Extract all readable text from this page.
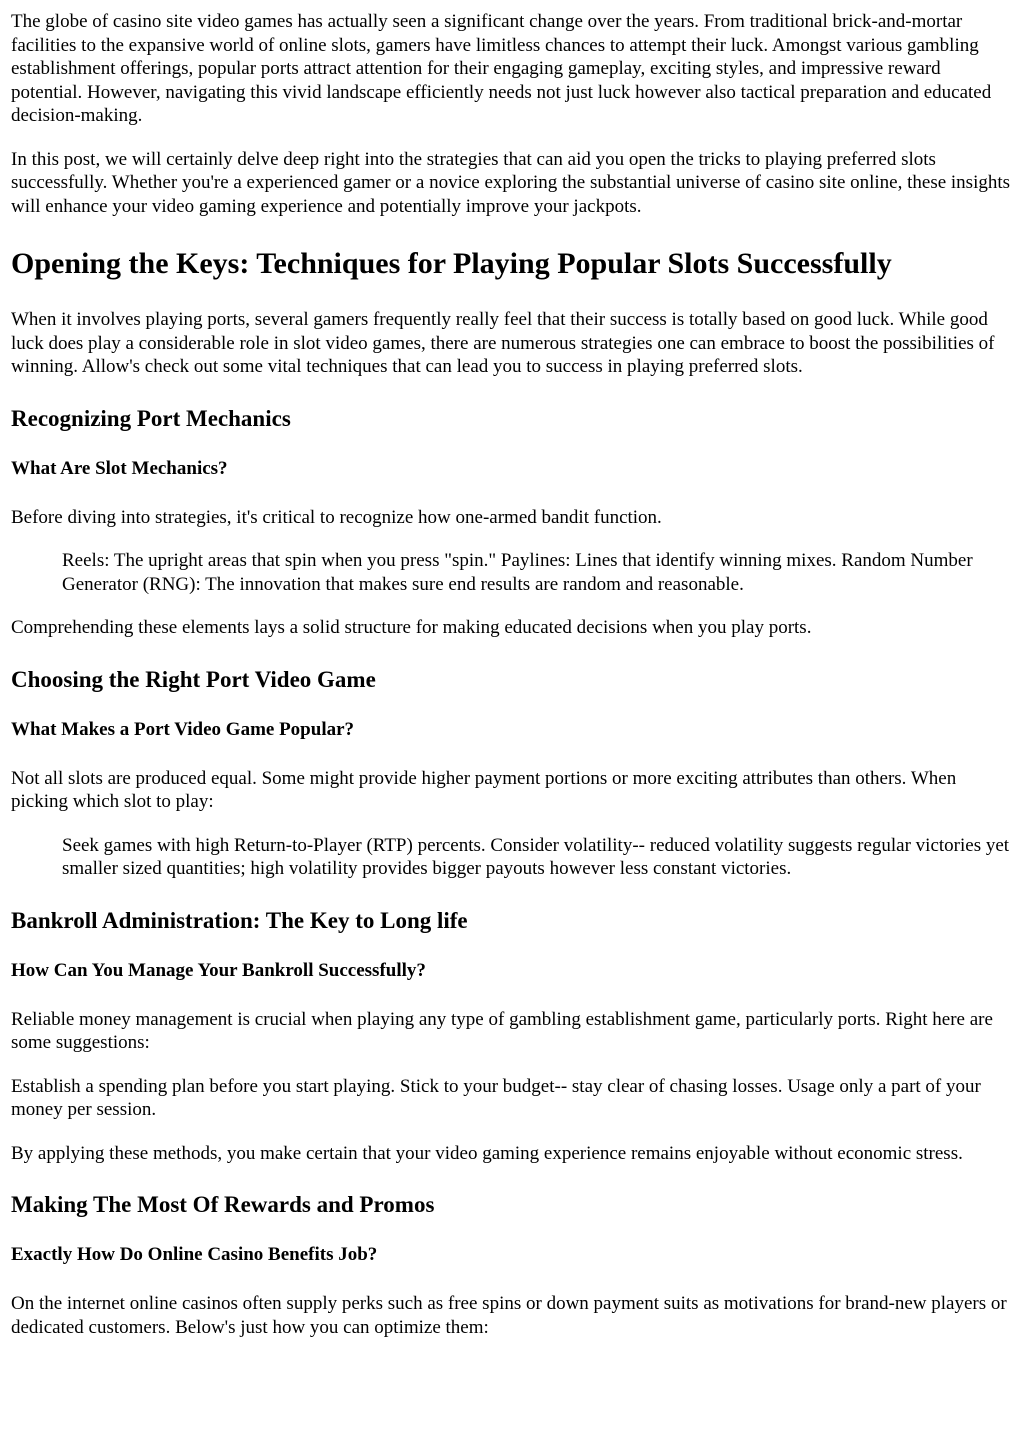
The globe of casino site video games has actually seen a significant change over the years. From traditional brick-and-mortar facilities to the expansive world of online slots, gamers have limitless chances to attempt their luck. Amongst various gambling establishment offerings, popular ports attract attention for their engaging gameplay, exciting styles, and impressive reward potential. However, navigating this vivid landscape efficiently needs not just luck however also tactical preparation and educated decision-making.

In this post, we will certainly delve deep right into the strategies that can aid you open the tricks to playing preferred slots successfully. Whether you're a experienced gamer or a novice exploring the substantial universe of casino site online, these insights will enhance your video gaming experience and potentially improve your jackpots.

Opening the Keys: Techniques for Playing Popular Slots Successfully

When it involves playing ports, several gamers frequently really feel that their success is totally based on good luck. While good luck does play a considerable role in slot video games, there are numerous strategies one can embrace to boost the possibilities of winning. Allow's check out some vital techniques that can lead you to success in playing preferred slots.

Recognizing Port Mechanics
What Are Slot Mechanics?

Before diving into strategies, it's critical to recognize how one-armed bandit function.

Reels: The upright areas that spin when you press "spin." Paylines: Lines that identify winning mixes. Random Number Generator (RNG): The innovation that makes sure end results are random and reasonable.

Comprehending these elements lays a solid structure for making educated decisions when you play ports.

Choosing the Right Port Video Game
What Makes a Port Video Game Popular?

Not all slots are produced equal. Some might provide higher payment portions or more exciting attributes than others. When picking which slot to play:

Seek games with high Return-to-Player (RTP) percents. Consider volatility-- reduced volatility suggests regular victories yet smaller sized quantities; high volatility provides bigger payouts however less constant victories.
Bankroll Administration: The Key to Long life
How Can You Manage Your Bankroll Successfully?

Reliable money management is crucial when playing any type of gambling establishment game, particularly ports. Right here are some suggestions:

Establish a spending plan before you start playing. Stick to your budget-- stay clear of chasing losses. Usage only a part of your money per session.

By applying these methods, you make certain that your video gaming experience remains enjoyable without economic stress.

Making The Most Of Rewards and Promos
Exactly How Do Online Casino Benefits Job?

On the internet online casinos often supply perks such as free spins or down payment suits as motivations for brand-new players or dedicated customers. Below's just how you can optimize them:
